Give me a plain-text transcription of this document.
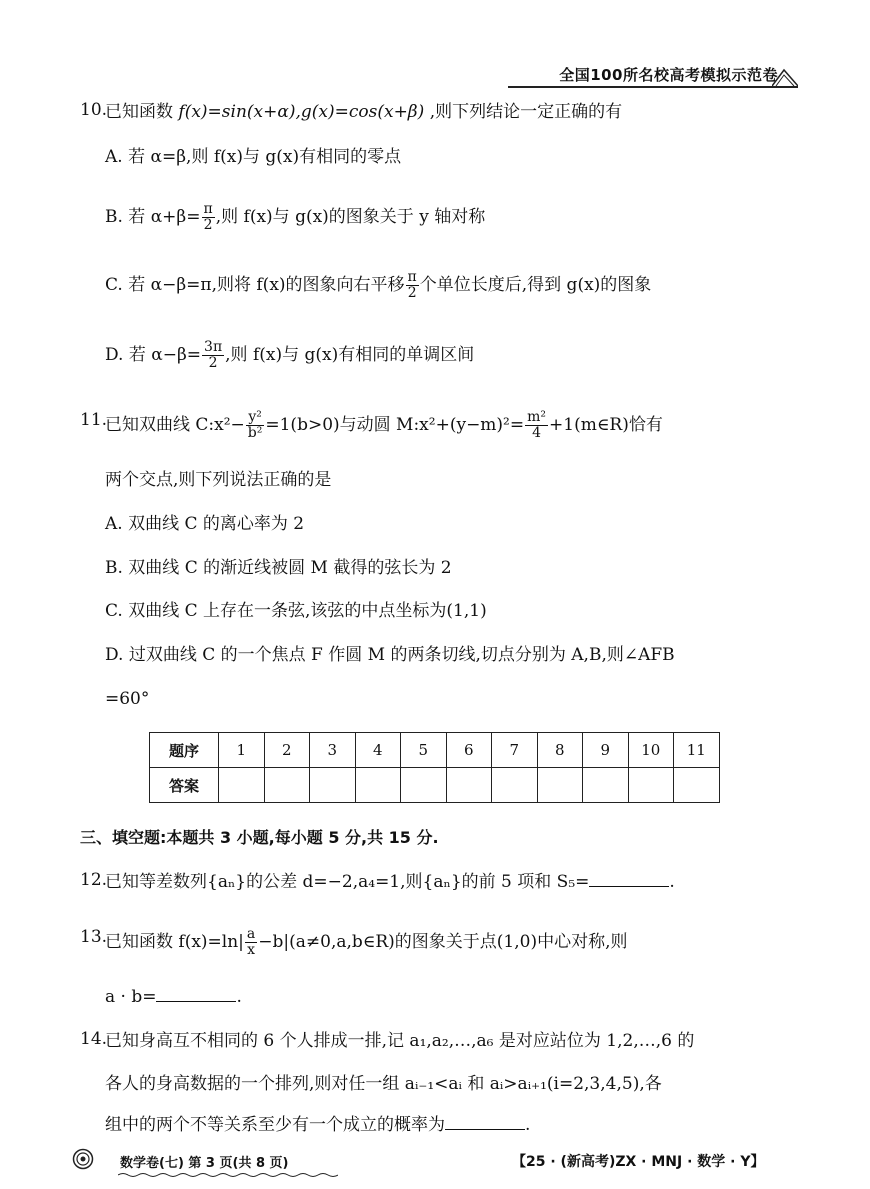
全国100所名校高考模拟示范卷
10.
已知函数 f(x)=sin(x+α),g(x)=cos(x+β) ,则下列结论一定正确的有
A. 若 α=β,则 f(x)与 g(x)有相同的零点
B. 若 $\alpha+\beta= \frac{\pi}{2}$ ,则 f(x)与 g(x)的图象关于 y 轴对称
C. 若 α−β=π,则将 f(x)的图象向右平移 $\frac{\pi}{2}$ 个单位长度后,得到 g(x)的图象
D. 若 $\alpha-\beta= \frac{3\pi}{2}$ ,则 f(x)与 g(x)有相同的单调区间
11.
已知双曲线 C:x²− $\frac{\text{y²}}{\text{b²}} =1(b>0)$与动圆 M:x²+(y−m)²= $\frac{\text{m²}}{4}$ +1(m∈R)恰有
两个交点,则下列说法正确的是
A. 双曲线 C 的离心率为 2
B. 双曲线 C 的渐近线被圆 M 截得的弦长为 2
C. 双曲线 C 上存在一条弦,该弦的中点坐标为(1,1)
D. 过双曲线 C 的一个焦点 F 作圆 M 的两条切线,切点分别为 A,B,则∠AFB
=60°
题序	1	2	3	4	5	6	7	8	9	10	11
答案											
三、填空题:本题共 3 小题,每小题 5 分,共 15 分.
12.
已知等差数列{aₙ}的公差 d=−2,a₄=1,则{aₙ}的前 5 项和 S₅=	.
13.
已知函数 $f(x)=\ln| \frac{a}{x}$ −b|(a≠0,a,b∈R)的图象关于点(1,0)中心对称,则
a · b=	.
14.
已知身高互不相同的 6 个人排成一排,记 a₁,a₂,…,a₆ 是对应站位为 1,2,…,6 的
各人的身高数据的一个排列,则对任一组 aᵢ₋₁<aᵢ 和 aᵢ>aᵢ₊₁(i=2,3,4,5),各
组中的两个不等关系至少有一个成立的概率为	.
数学卷(七) 第 3 页(共 8 页)	【25 · (新高考)ZX · MNJ · 数学 · Y】
